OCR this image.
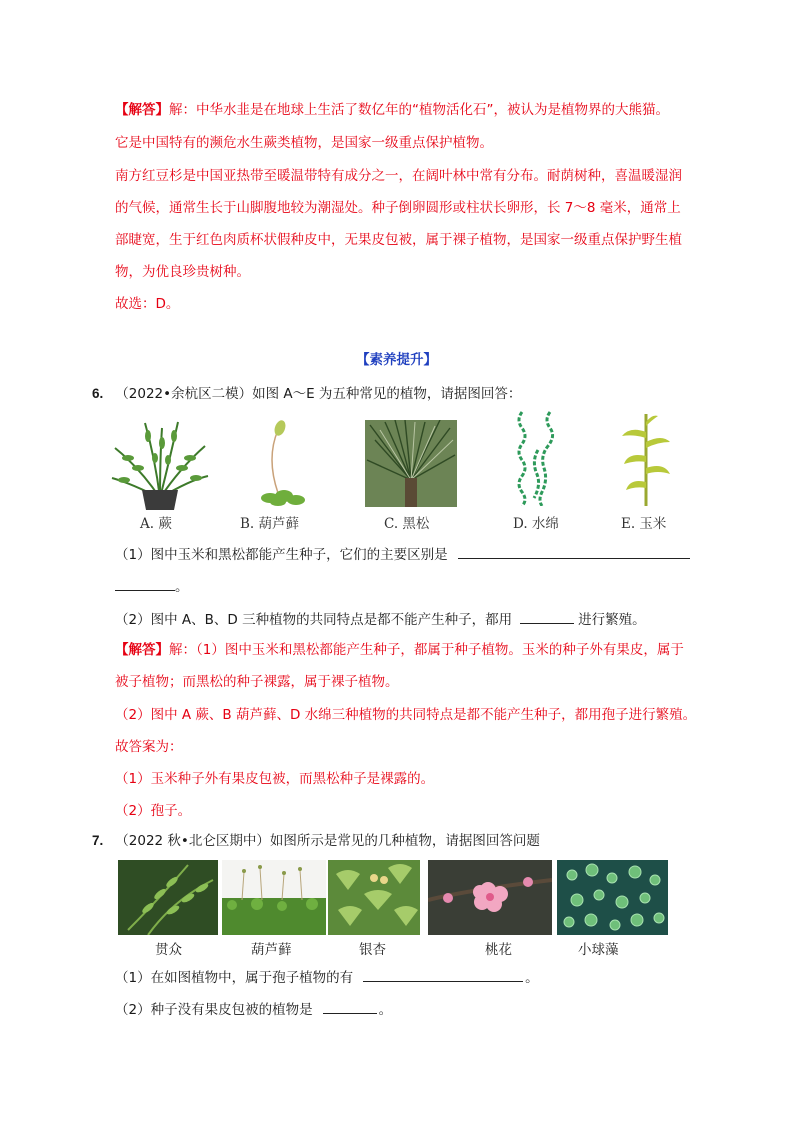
【解答】解：中华水韭是在地球上生活了数亿年的“植物活化石”，被认为是植物界的大熊猫。
它是中国特有的濒危水生蕨类植物，是国家一级重点保护植物。
南方红豆杉是中国亚热带至暖温带特有成分之一，在阔叶林中常有分布。耐荫树种，喜温暖湿润
的气候，通常生长于山脚腹地较为潮湿处。种子倒卵圆形或柱状长卵形，长 7～8 毫米，通常上
部睫宽，生于红色肉质杯状假种皮中，无果皮包被，属于裸子植物，是国家一级重点保护野生植
物，为优良珍贵树种。
故选：D。
【素养提升】
6. （2022•余杭区二模）如图 A～E 为五种常见的植物，请据图回答：
A. 蕨	B. 葫芦藓	C. 黑松	D. 水绵	E. 玉米
（1）图中玉米和黑松都能产生种子，它们的主要区别是
。
（2）图中 A、B、D 三种植物的共同特点是都不能产生种子，都用	进行繁殖。
【解答】解：（1）图中玉米和黑松都能产生种子，都属于种子植物。玉米的种子外有果皮，属于
被子植物；而黑松的种子裸露，属于裸子植物。
（2）图中 A 蕨、B 葫芦藓、D 水绵三种植物的共同特点是都不能产生种子，都用孢子进行繁殖。
故答案为：
（1）玉米种子外有果皮包被，而黑松种子是裸露的。
（2）孢子。
7. （2022 秋•北仑区期中）如图所示是常见的几种植物，请据图回答问题
贯众	葫芦藓	银杏	桃花	小球藻
（1）在如图植物中，属于孢子植物的有	。
（2）种子没有果皮包被的植物是	。
